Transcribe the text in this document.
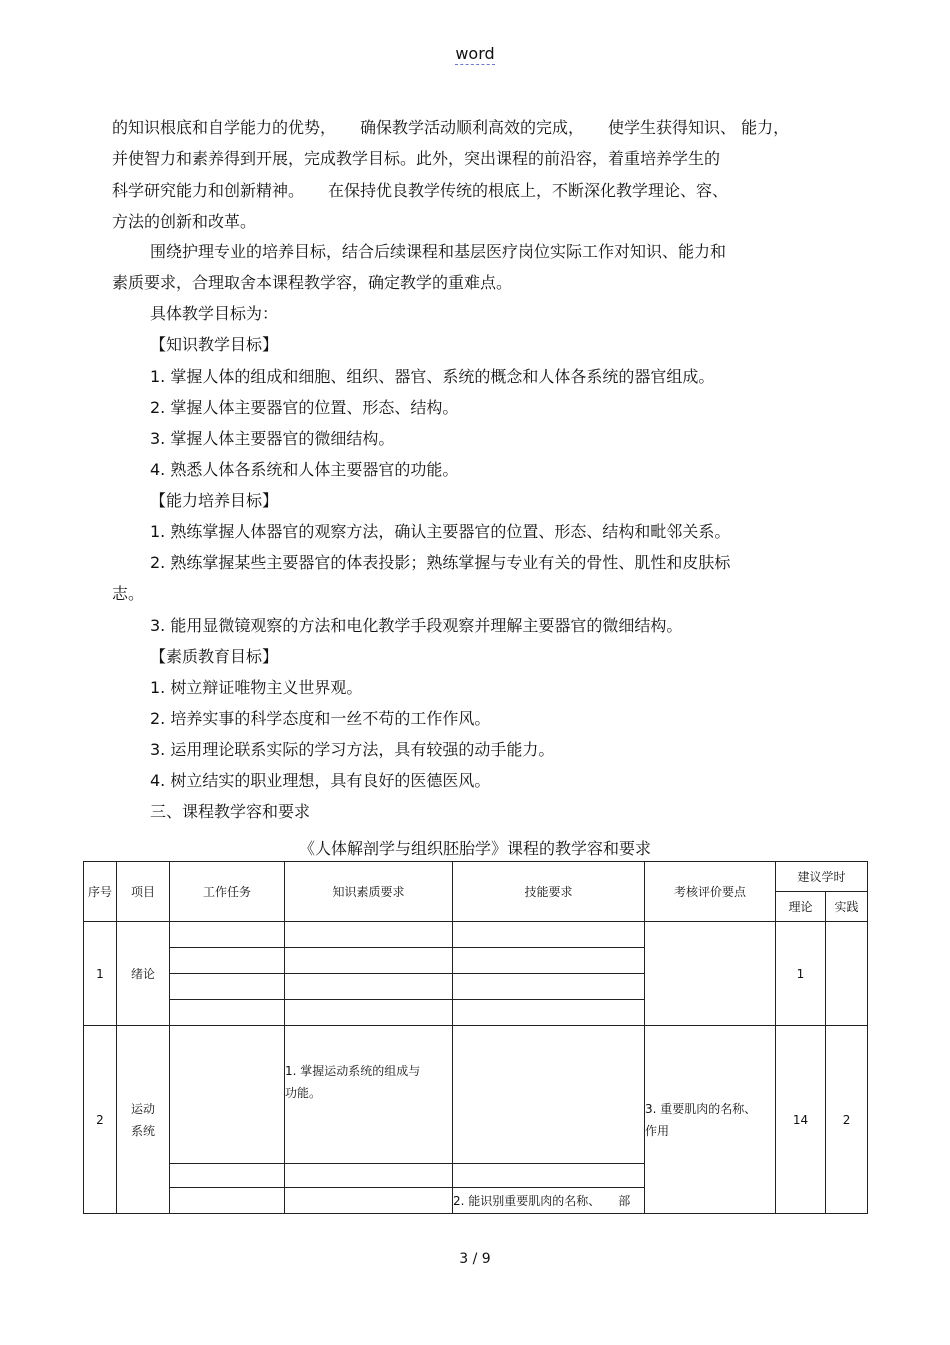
word
的知识根底和自学能力的优势，　　确保教学活动顺利高效的完成，　　使学生获得知识、 能力，
并使智力和素养得到开展，完成教学目标。此外，突出课程的前沿容，着重培养学生的
科学研究能力和创新精神。　　在保持优良教学传统的根底上，不断深化教学理论、容、
方法的创新和改革。
围绕护理专业的培养目标，结合后续课程和基层医疗岗位实际工作对知识、能力和
素质要求，合理取舍本课程教学容，确定教学的重难点。
具体教学目标为：
【知识教学目标】
1. 掌握人体的组成和细胞、组织、器官、系统的概念和人体各系统的器官组成。
2. 掌握人体主要器官的位置、形态、结构。
3. 掌握人体主要器官的微细结构。
4. 熟悉人体各系统和人体主要器官的功能。
【能力培养目标】
1. 熟练掌握人体器官的观察方法，确认主要器官的位置、形态、结构和毗邻关系。
2. 熟练掌握某些主要器官的体表投影；熟练掌握与专业有关的骨性、肌性和皮肤标
志。
3. 能用显微镜观察的方法和电化教学手段观察并理解主要器官的微细结构。
【素质教育目标】
1. 树立辩证唯物主义世界观。
2. 培养实事的科学态度和一丝不苟的工作作风。
3. 运用理论联系实际的学习方法，具有较强的动手能力。
4. 树立结实的职业理想，具有良好的医德医风。
三、课程教学容和要求
《人体解剖学与组织胚胎学》课程的教学容和要求
序号	项目	工作任务	知识素质要求	技能要求	考核评价要点	建议学时	
						理论	实践
1	绪论					1	

2	运动
系统		1. 掌握运动系统的组成与
功能。		3. 重要肌肉的名称、
作用	14	2

				2. 能识别重要肌肉的名称、　　部			
3 / 9
